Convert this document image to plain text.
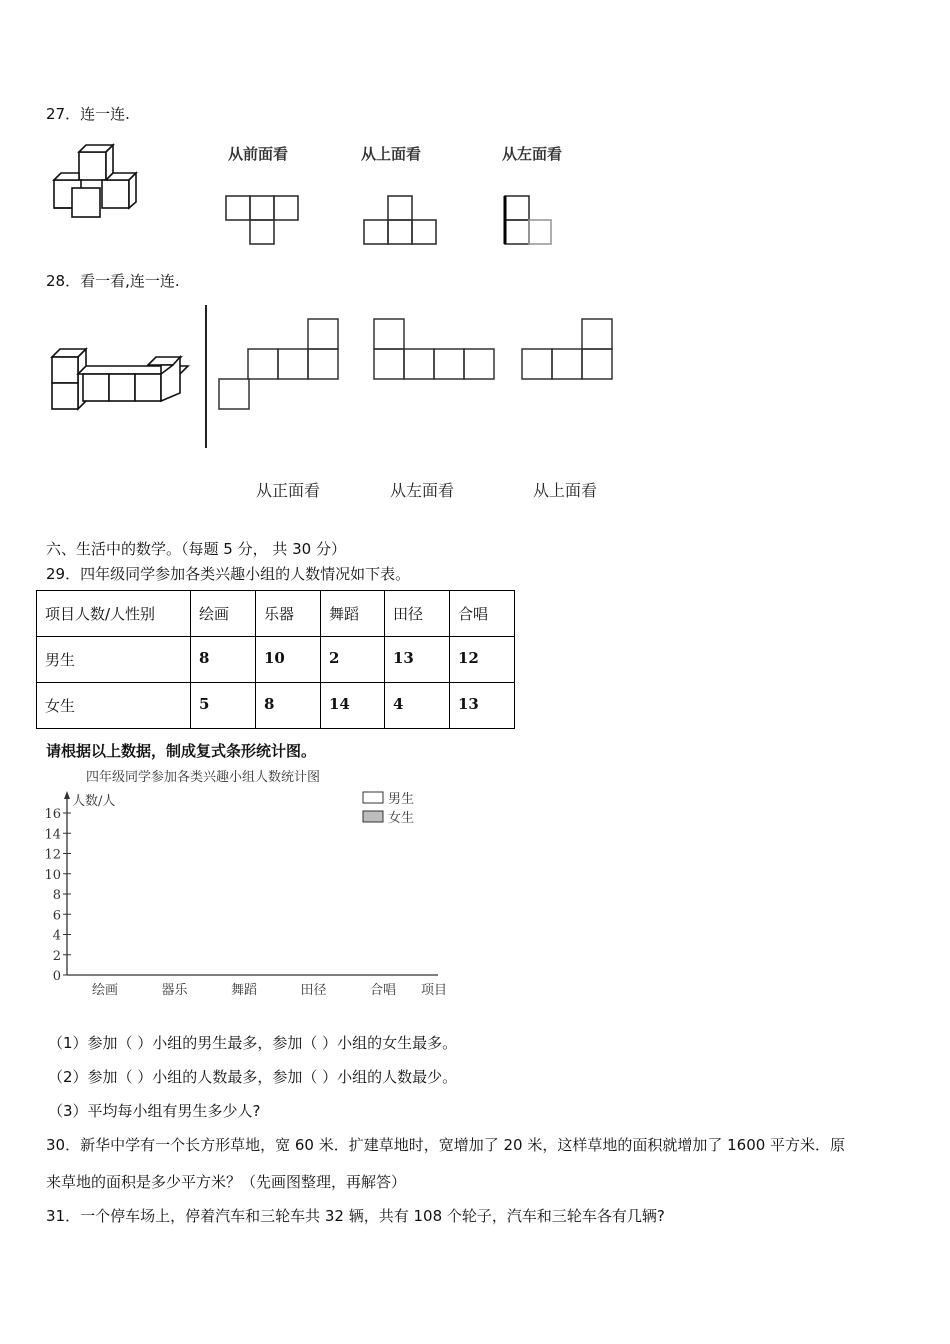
27．连一连.
从前面看	从上面看	从左面看
28．看一看,连一连.
从正面看	从左面看	从上面看
六、生活中的数学。（每题 5 分， 共 30 分）
29．四年级同学参加各类兴趣小组的人数情况如下表。
项目人数/人性别	绘画	乐器	舞蹈	田径	合唱
男生	8	10	2	13	12
女生	5	8	14	4	13
请根据以上数据，制成复式条形统计图。
四年级同学参加各类兴趣小组人数统计图
人数/人
0
2
4
6
8
10
12
14
16
绘画	器乐	舞蹈	田径	合唱 项目
男生
女生
（1）参加（ ）小组的男生最多，参加（ ）小组的女生最多。
（2）参加（ ）小组的人数最多，参加（ ）小组的人数最少。
（3）平均每小组有男生多少人?
30．新华中学有一个长方形草地，宽 60 米．扩建草地时，宽增加了 20 米，这样草地的面积就增加了 1600 平方米．原
来草地的面积是多少平方米？（先画图整理，再解答）
31．一个停车场上，停着汽车和三轮车共 32 辆，共有 108 个轮子，汽车和三轮车各有几辆?
